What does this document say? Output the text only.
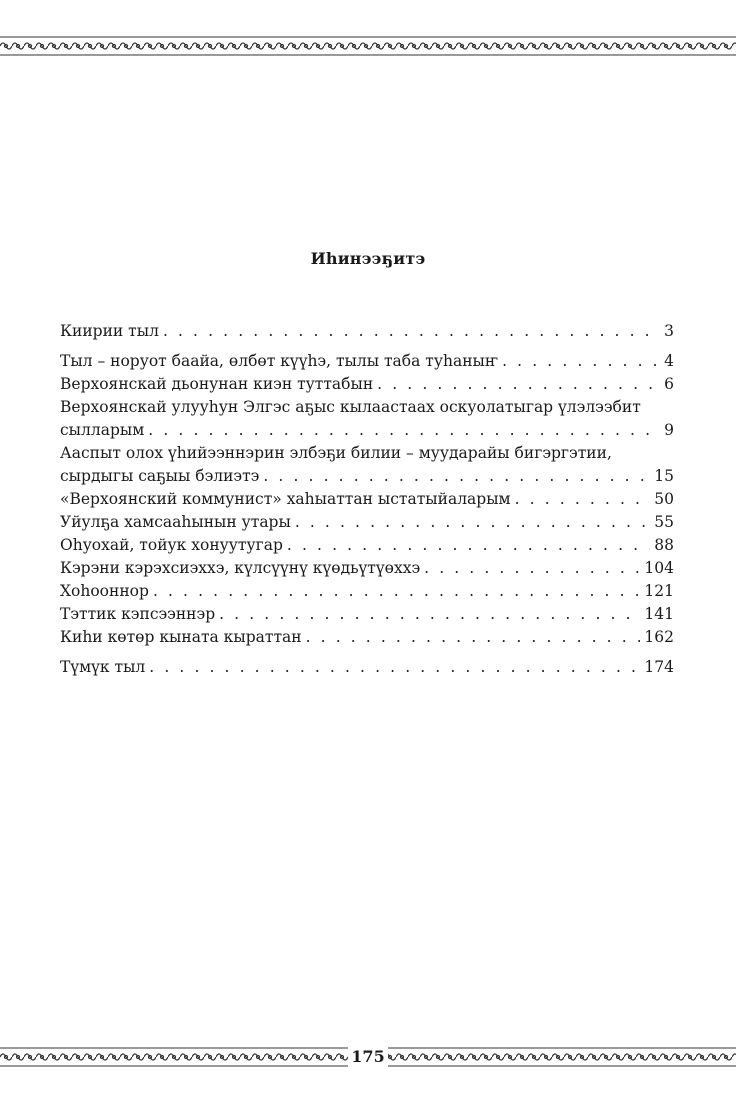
175
Иһинээҕитэ
Киирии тыл . . .	3
Тыл – норуот баайа, өлбөт күүһэ, тылы таба туһаныҥ . . .	4
Верхоянскай дьонунан киэн туттабын . . .	6
Верхоянскай улууһун Элгэс аҕыс кылаастаах оскуолатыгар үлэлээбит
сылларым . . .	9
Ааспыт олох үһийээннэрин элбэҕи билии – муударайы бигэргэтии,
сырдыгы саҕыы бэлиэтэ . . .	15
«Верхоянский коммунист» хаһыаттан ыстатыйаларым . . .	50
Уйулҕа хамсааһынын утары . . .	55
Оһуохай, тойук хонуутугар . . .	88
Кэрэни кэрэхсиэххэ, күлсүүнү күөдьүтүөххэ . . .	104
Хоһооннор . . .	121
Тэттик кэпсээннэр . . .	141
Киһи көтөр кыната кыраттан . . .	162
Түмүк тыл . . .	174
